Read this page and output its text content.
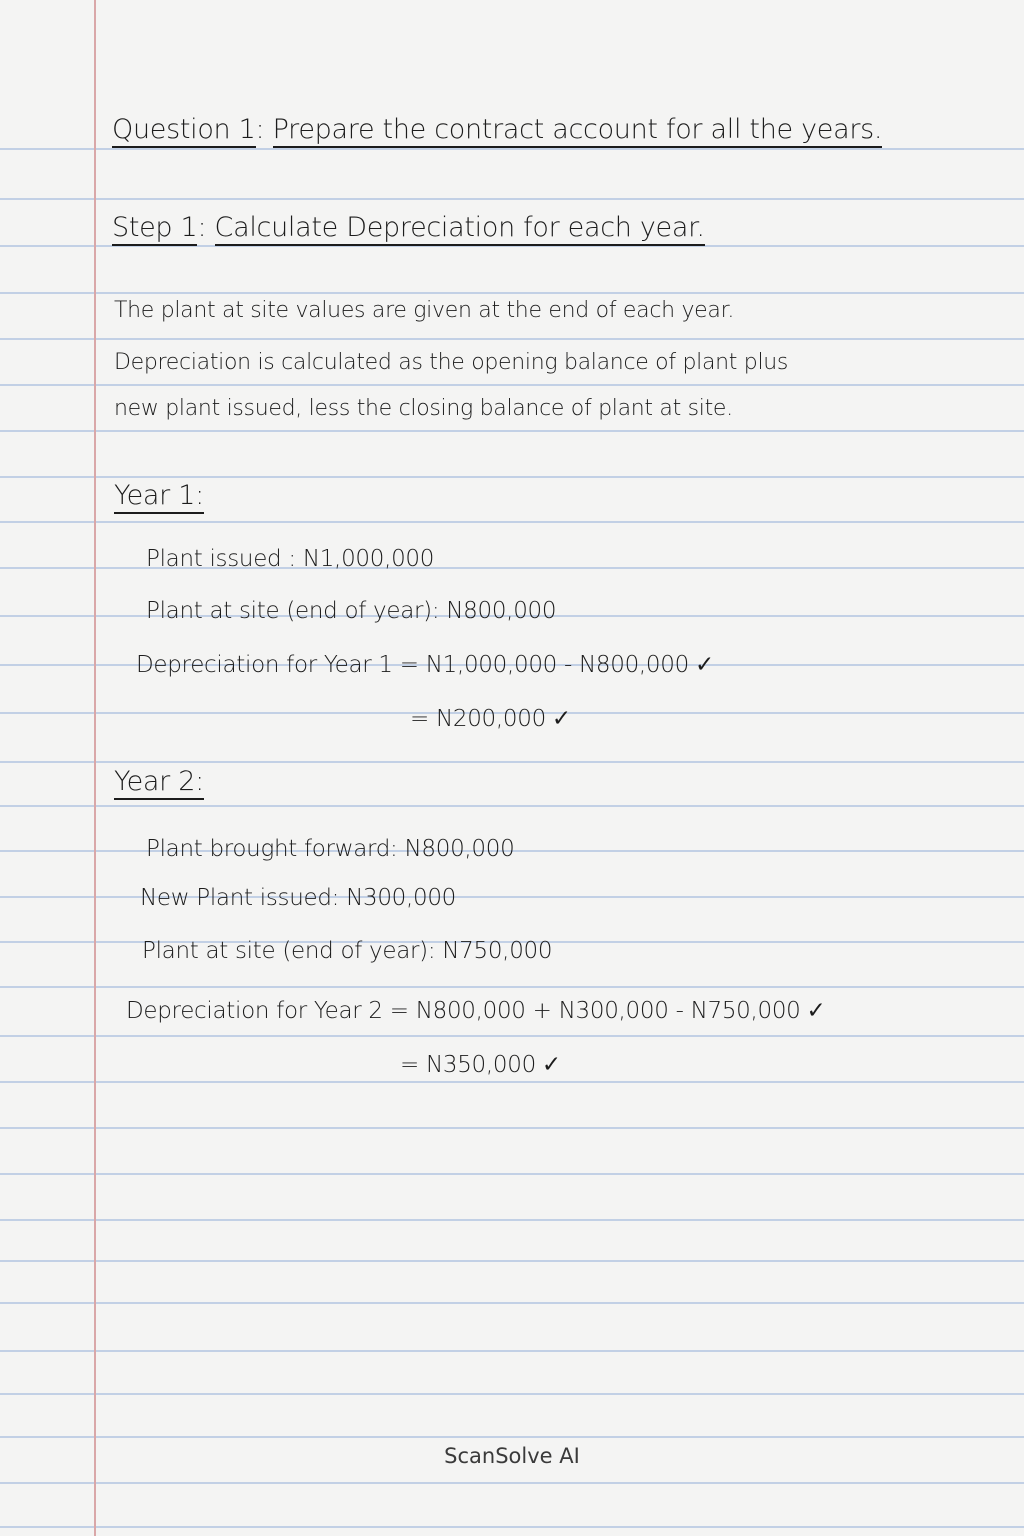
Question 1: Prepare the contract account for all the years.
Step 1: Calculate Depreciation for each year.
The plant at site values are given at the end of each year.
Depreciation is calculated as the opening balance of plant plus
new plant issued, less the closing balance of plant at site.
Year 1:
Plant issued : N1,000,000
Plant at site (end of year): N800,000
Depreciation for Year 1 = N1,000,000 - N800,000 ✓
= N200,000 ✓
Year 2:
Plant brought forward: N800,000
New Plant issued: N300,000
Plant at site (end of year): N750,000
Depreciation for Year 2 = N800,000 + N300,000 - N750,000 ✓
= N350,000 ✓
ScanSolve AI
